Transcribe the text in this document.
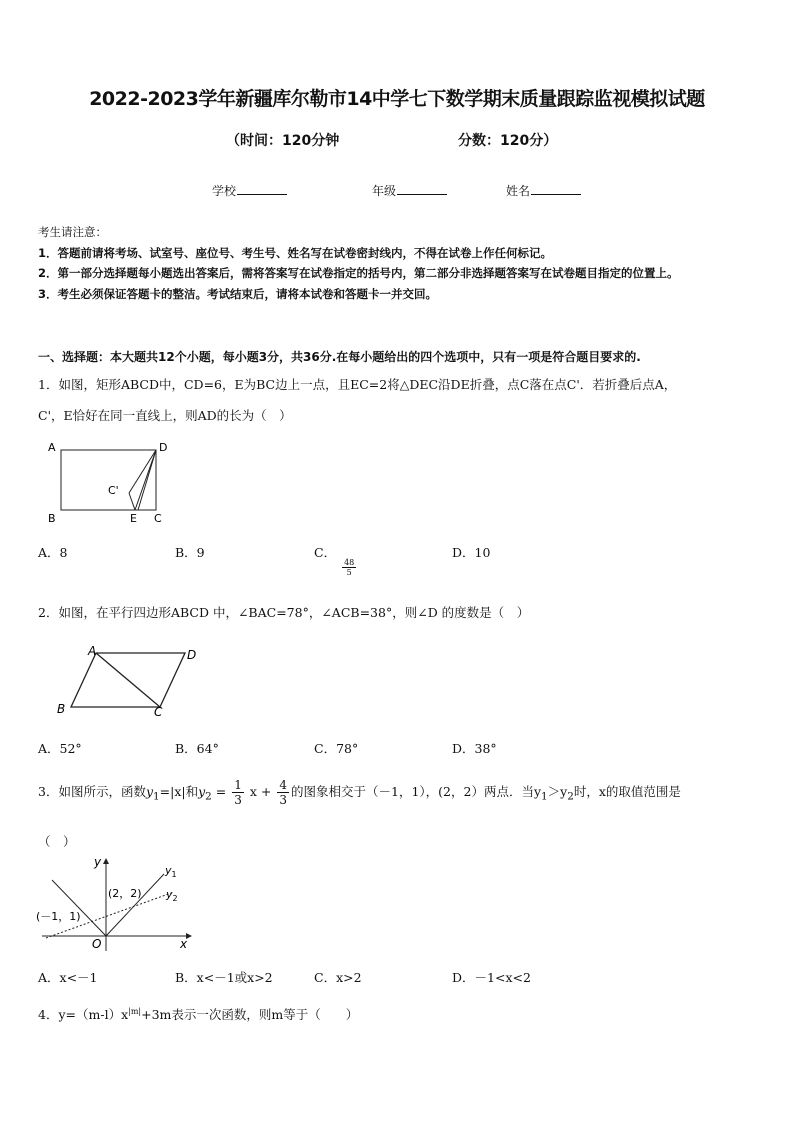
2022-2023学年新疆库尔勒市14中学七下数学期末质量跟踪监视模拟试题
（时间：120分钟	分数：120分）
学校	年级	姓名
考生请注意：
1．答题前请将考场、试室号、座位号、考生号、姓名写在试卷密封线内，不得在试卷上作任何标记。
2．第一部分选择题每小题选出答案后，需将答案写在试卷指定的括号内，第二部分非选择题答案写在试卷题目指定的位置上。
3．考生必须保证答题卡的整洁。考试结束后，请将本试卷和答题卡一并交回。
一、选择题：本大题共12个小题，每小题3分，共36分.在每小题给出的四个选项中，只有一项是符合题目要求的.
1．如图，矩形ABCD中，CD=6，E为BC边上一点，且EC=2将△DEC沿DE折叠，点C落在点C'．若折叠后点A，
C'，E恰好在同一直线上，则AD的长为（　）
A	D
B	E C
C'
A．8	B．9	C．
$\frac{48}{5}$
D．10
2．如图，在平行四边形ABCD 中，∠BAC=78°，∠ACB=38°，则∠D 的度数是（　）
A	D
B	C
A．52°	B．64°	C．78°	D．38°
3．如图所示，函数$y_1=|x|$和$y_2 = \frac{1}{3}$ $x + \frac{4}{3}$ 的图象相交于（－1，1），(2，2）两点．当$y_1>y_2$时，x的取值范围是
（　）
y
x
O
(－1，1)
(2，2)
$y_1$
$y_2$
A．x<－1	B．x<－1或x>2	C．x>2	D．－1<x<2
4．$y=(m-l)x^{|m|}+3m$表示一次函数，则m等于（　　）
